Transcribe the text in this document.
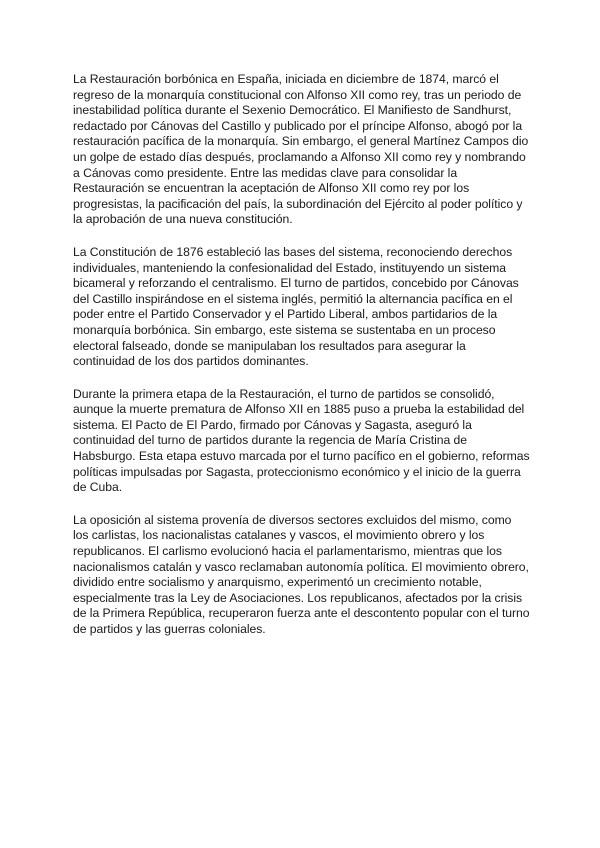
La Restauración borbónica en España, iniciada en diciembre de 1874, marcó el regreso de la monarquía constitucional con Alfonso XII como rey, tras un periodo de inestabilidad política durante el Sexenio Democrático. El Manifiesto de Sandhurst, redactado por Cánovas del Castillo y publicado por el príncipe Alfonso, abogó por la restauración pacífica de la monarquía. Sin embargo, el general Martínez Campos dio un golpe de estado días después, proclamando a Alfonso XII como rey y nombrando a Cánovas como presidente. Entre las medidas clave para consolidar la Restauración se encuentran la aceptación de Alfonso XII como rey por los progresistas, la pacificación del país, la subordinación del Ejército al poder político y la aprobación de una nueva constitución.

La Constitución de 1876 estableció las bases del sistema, reconociendo derechos individuales, manteniendo la confesionalidad del Estado, instituyendo un sistema bicameral y reforzando el centralismo. El turno de partidos, concebido por Cánovas del Castillo inspirándose en el sistema inglés, permitió la alternancia pacífica en el poder entre el Partido Conservador y el Partido Liberal, ambos partidarios de la monarquía borbónica. Sin embargo, este sistema se sustentaba en un proceso electoral falseado, donde se manipulaban los resultados para asegurar la continuidad de los dos partidos dominantes.

Durante la primera etapa de la Restauración, el turno de partidos se consolidó, aunque la muerte prematura de Alfonso XII en 1885 puso a prueba la estabilidad del sistema. El Pacto de El Pardo, firmado por Cánovas y Sagasta, aseguró la continuidad del turno de partidos durante la regencia de María Cristina de Habsburgo. Esta etapa estuvo marcada por el turno pacífico en el gobierno, reformas políticas impulsadas por Sagasta, proteccionismo económico y el inicio de la guerra de Cuba.

La oposición al sistema provenía de diversos sectores excluidos del mismo, como los carlistas, los nacionalistas catalanes y vascos, el movimiento obrero y los republicanos. El carlismo evolucionó hacia el parlamentarismo, mientras que los nacionalismos catalán y vasco reclamaban autonomía política. El movimiento obrero, dividido entre socialismo y anarquismo, experimentó un crecimiento notable, especialmente tras la Ley de Asociaciones. Los republicanos, afectados por la crisis de la Primera República, recuperaron fuerza ante el descontento popular con el turno de partidos y las guerras coloniales.
